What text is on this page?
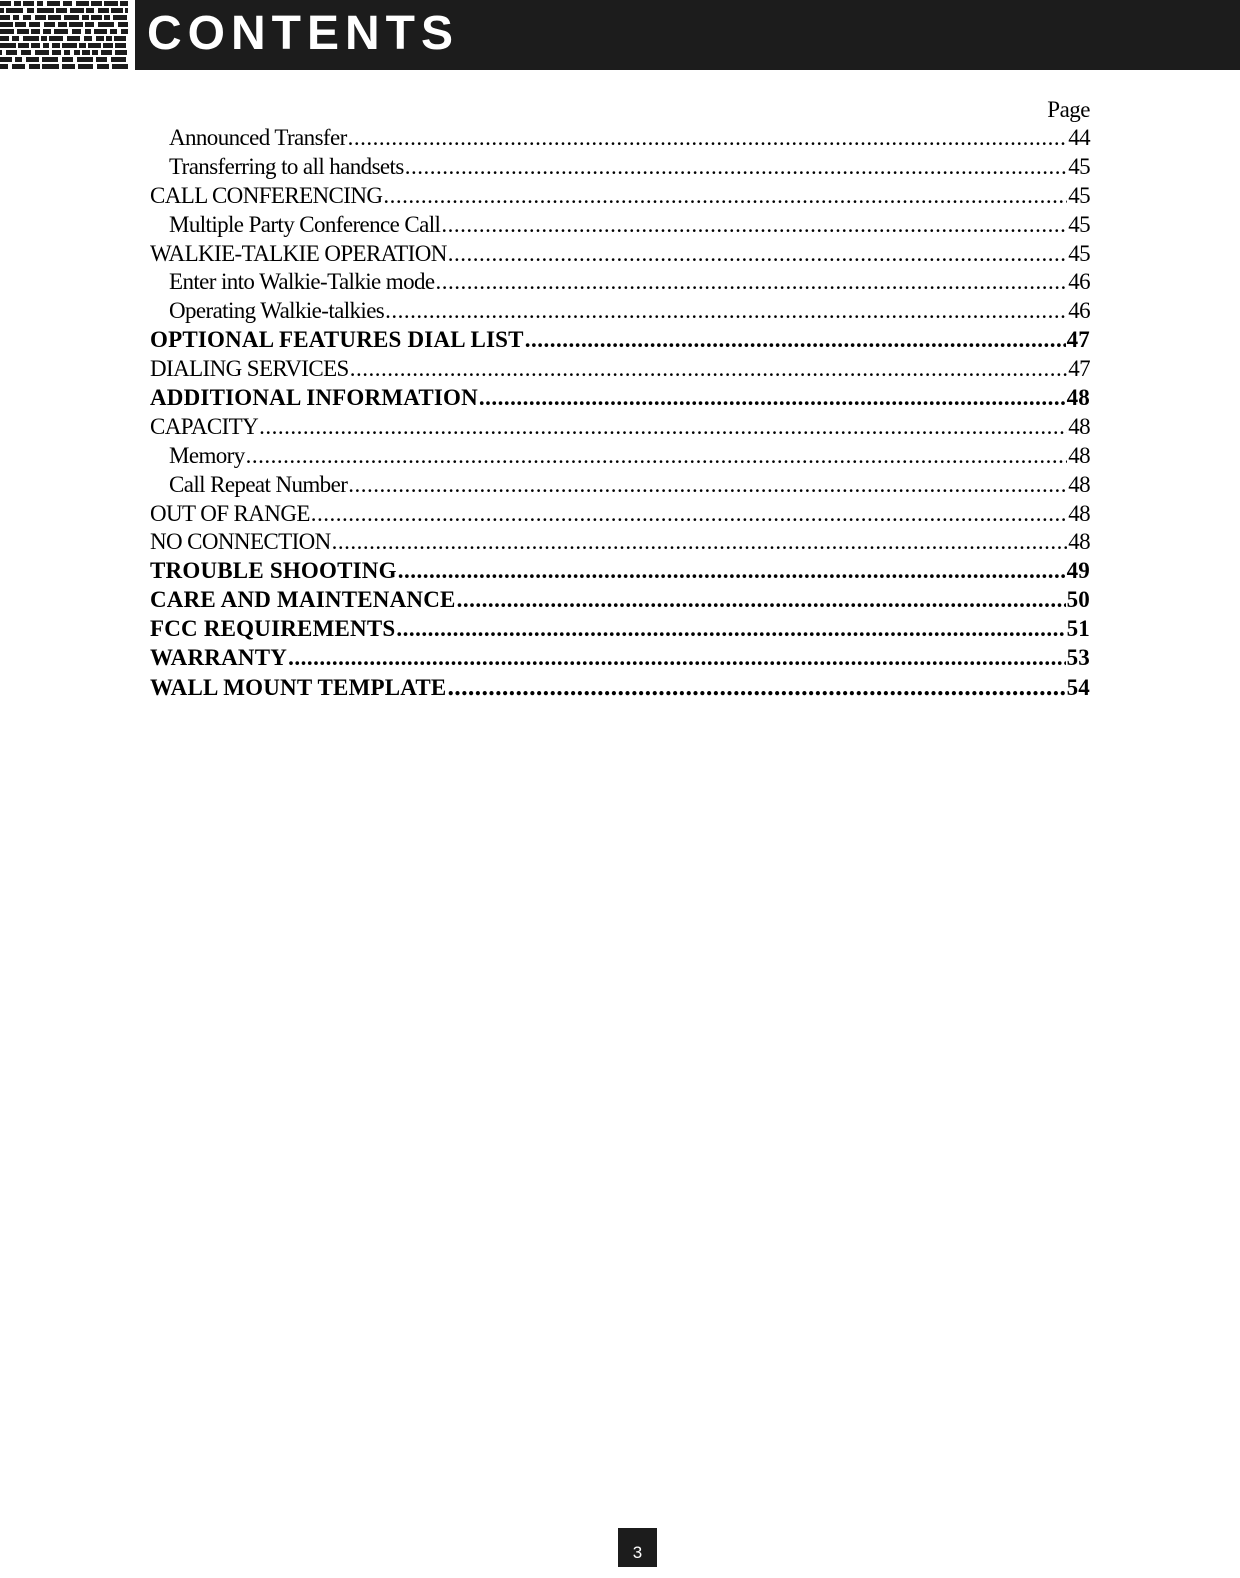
CONTENTS
Page
Announced Transfer .....	44
Transferring to all handsets .....	45
CALL CONFERENCING .....	45
Multiple Party Conference Call .....	45
WALKIE-TALKIE OPERATION .....	45
Enter into Walkie-Talkie mode .....	46
Operating Walkie-talkies .....	46
OPTIONAL FEATURES DIAL LIST .....	47
DIALING SERVICES .....	47
ADDITIONAL INFORMATION .....	48
CAPACITY .....	48
Memory .....	48
Call Repeat Number .....	48
OUT OF RANGE .....	48
NO CONNECTION .....	48
TROUBLE SHOOTING .....	49
CARE AND MAINTENANCE .....	50
FCC REQUIREMENTS .....	51
WARRANTY .....	53
WALL MOUNT TEMPLATE .....	54
3
